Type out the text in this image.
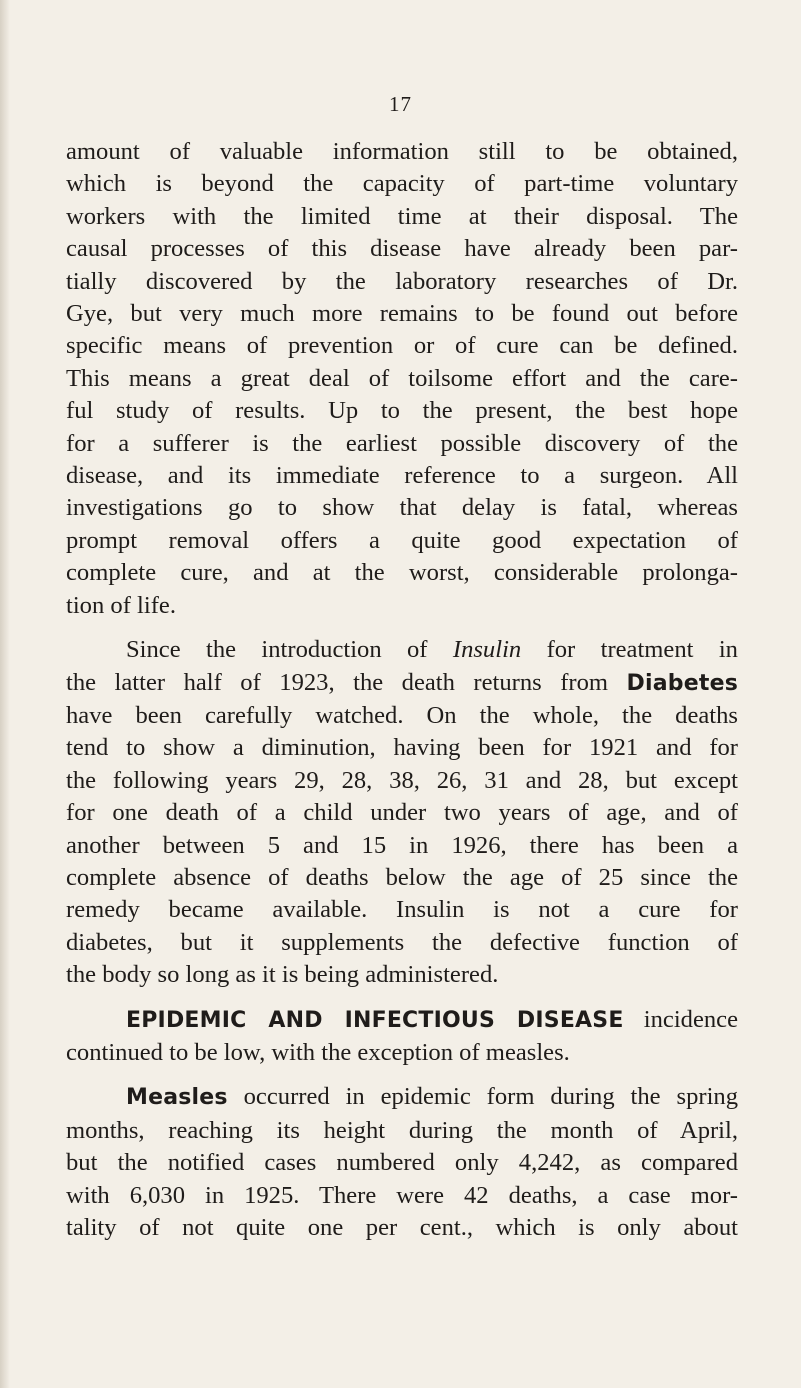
17
amount of valuable information still to be obtained,
which is beyond the capacity of part-time voluntary
workers with the limited time at their disposal. The
causal processes of this disease have already been par-
tially discovered by the laboratory researches of Dr.
Gye, but very much more remains to be found out before
specific means of prevention or of cure can be defined.
This means a great deal of toilsome effort and the care-
ful study of results. Up to the present, the best hope
for a sufferer is the earliest possible discovery of the
disease, and its immediate reference to a surgeon. All
investigations go to show that delay is fatal, whereas
prompt removal offers a quite good expectation of
complete cure, and at the worst, considerable prolonga-
tion of life.
Since the introduction of Insulin for treatment in
the latter half of 1923, the death returns from Diabetes
have been carefully watched. On the whole, the deaths
tend to show a diminution, having been for 1921 and for
the following years 29, 28, 38, 26, 31 and 28, but except
for one death of a child under two years of age, and of
another between 5 and 15 in 1926, there has been a
complete absence of deaths below the age of 25 since the
remedy became available. Insulin is not a cure for
diabetes, but it supplements the defective function of
the body so long as it is being administered.
EPIDEMIC AND INFECTIOUS DISEASE incidence
continued to be low, with the exception of measles.
Measles occurred in epidemic form during the spring
months, reaching its height during the month of April,
but the notified cases numbered only 4,242, as compared
with 6,030 in 1925. There were 42 deaths, a case mor-
tality of not quite one per cent., which is only about
